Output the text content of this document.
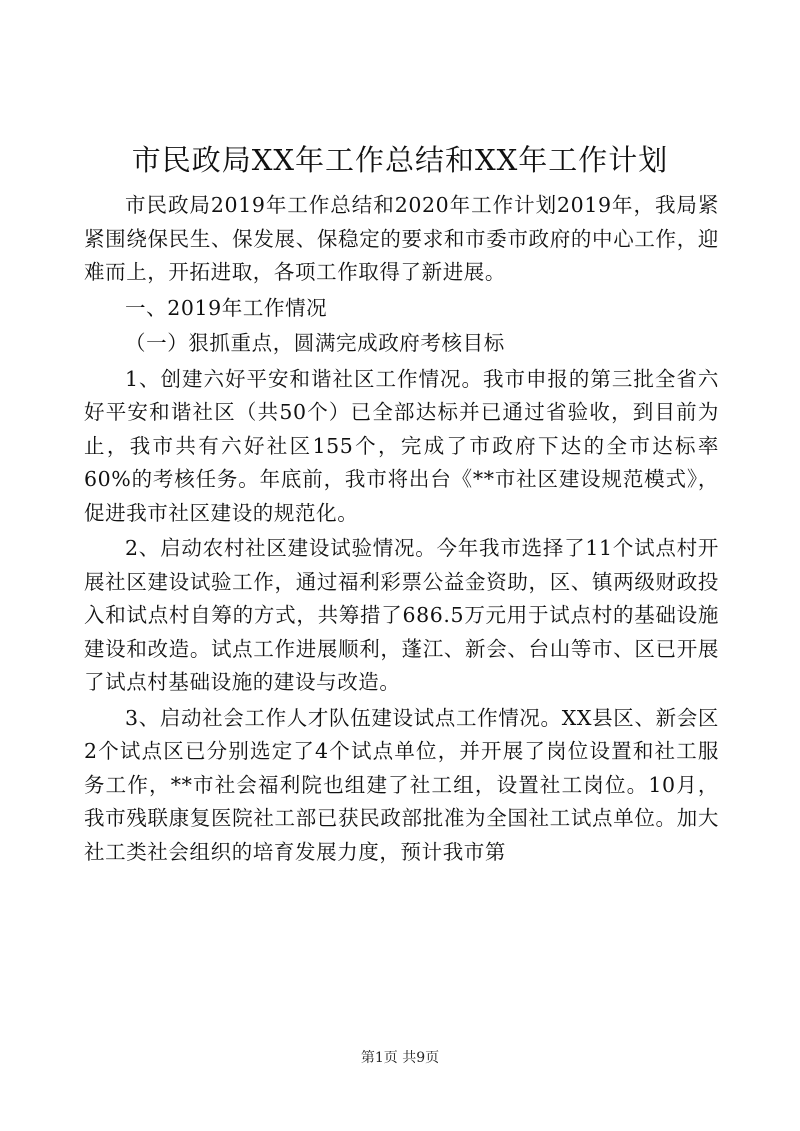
市民政局XX年工作总结和XX年工作计划

市民政局2019年工作总结和2020年工作计划2019年，我局紧紧围绕保民生、保发展、保稳定的要求和市委市政府的中心工作，迎难而上，开拓进取，各项工作取得了新进展。

一、2019年工作情况

（一）狠抓重点，圆满完成政府考核目标

1、创建六好平安和谐社区工作情况。我市申报的第三批全省六好平安和谐社区（共50个）已全部达标并已通过省验收，到目前为止，我市共有六好社区155个，完成了市政府下达的全市达标率60%的考核任务。年底前，我市将出台《**市社区建设规范模式》，促进我市社区建设的规范化。

2、启动农村社区建设试验情况。今年我市选择了11个试点村开展社区建设试验工作，通过福利彩票公益金资助，区、镇两级财政投入和试点村自筹的方式，共筹措了686.5万元用于试点村的基础设施建设和改造。试点工作进展顺利，蓬江、新会、台山等市、区已开展了试点村基础设施的建设与改造。

3、启动社会工作人才队伍建设试点工作情况。XX县区、新会区2个试点区已分别选定了4个试点单位，并开展了岗位设置和社工服务工作，**市社会福利院也组建了社工组，设置社工岗位。10月，我市残联康复医院社工部已获民政部批准为全国社工试点单位。加大社工类社会组织的培育发展力度，预计我市第

第1页 共9页
